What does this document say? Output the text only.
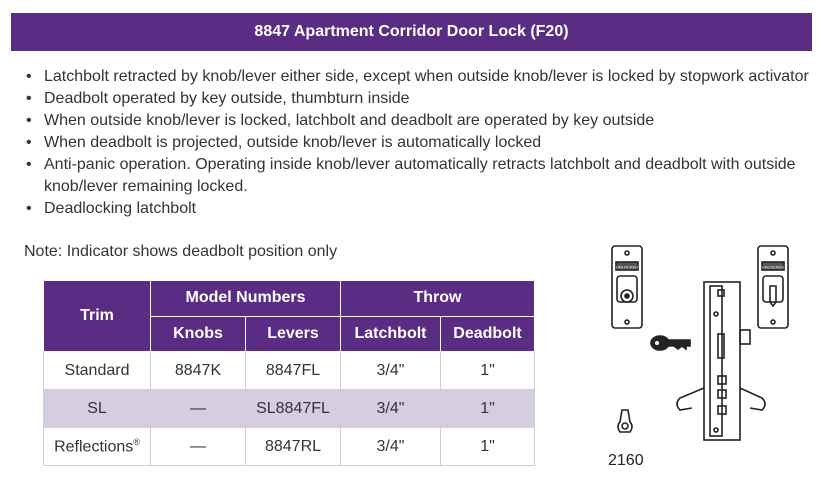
8847 Apartment Corridor Door Lock (F20)
• Latchbolt retracted by knob/lever either side, except when outside knob/lever is locked by stopwork activator
• Deadbolt operated by key outside, thumbturn inside
• When outside knob/lever is locked, latchbolt and deadbolt are operated by key outside
• When deadbolt is projected, outside knob/lever is automatically locked
• Anti-panic operation. Operating inside knob/lever automatically retracts latchbolt and deadbolt with outside knob/lever remaining locked.
• Deadlocking latchbolt
Note: Indicator shows deadbolt position only
Trim	Model Numbers		Throw	
	Knobs	Levers	Latchbolt	Deadbolt
Standard	8847K	8847FL	3/4"	1"
SL	—	SL8847FL	3/4"	1"
Reflections®	—	8847RL	3/4"	1"
UNLOCKED	UNLOCKED
2160
